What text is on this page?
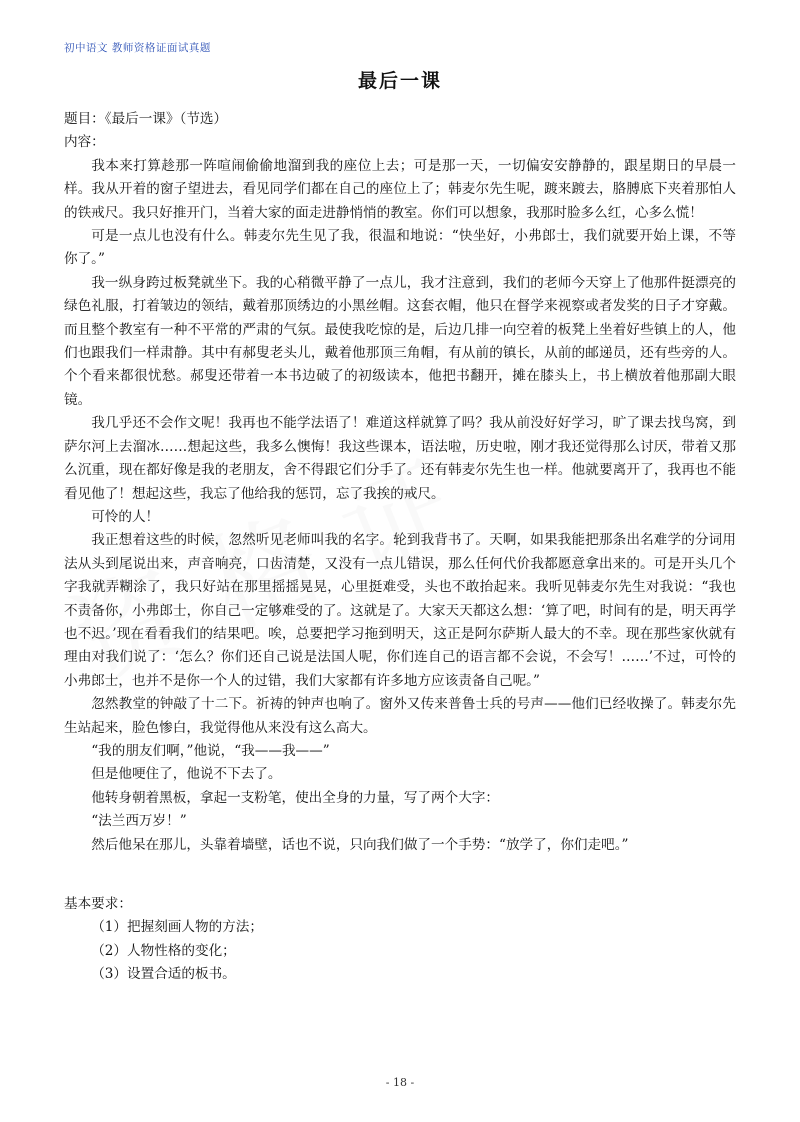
初中语文 教师资格证面试真题
最后一课

题目：《最后一课》（节选）

内容：

我本来打算趁那一阵喧闹偷偷地溜到我的座位上去；可是那一天，一切偏安安静静的，跟星期日的早晨一样。我从开着的窗子望进去，看见同学们都在自己的座位上了；韩麦尔先生呢，踱来踱去，胳膊底下夹着那怕人的铁戒尺。我只好推开门，当着大家的面走进静悄悄的教室。你们可以想象，我那时脸多么红，心多么慌！

可是一点儿也没有什么。韩麦尔先生见了我，很温和地说：“快坐好，小弗郎士，我们就要开始上课，不等你了。”

我一纵身跨过板凳就坐下。我的心稍微平静了一点儿，我才注意到，我们的老师今天穿上了他那件挺漂亮的绿色礼服，打着皱边的领结，戴着那顶绣边的小黑丝帽。这套衣帽，他只在督学来视察或者发奖的日子才穿戴。而且整个教室有一种不平常的严肃的气氛。最使我吃惊的是，后边几排一向空着的板凳上坐着好些镇上的人，他们也跟我们一样肃静。其中有郝叟老头儿，戴着他那顶三角帽，有从前的镇长，从前的邮递员，还有些旁的人。个个看来都很忧愁。郝叟还带着一本书边破了的初级读本，他把书翻开，摊在膝头上，书上横放着他那副大眼镜。

我几乎还不会作文呢！我再也不能学法语了！难道这样就算了吗？我从前没好好学习，旷了课去找鸟窝，到萨尔河上去溜冰……想起这些，我多么懊悔！我这些课本，语法啦，历史啦，刚才我还觉得那么讨厌，带着又那么沉重，现在都好像是我的老朋友，舍不得跟它们分手了。还有韩麦尔先生也一样。他就要离开了，我再也不能看见他了！想起这些，我忘了他给我的惩罚，忘了我挨的戒尺。

可怜的人！

我正想着这些的时候，忽然听见老师叫我的名字。轮到我背书了。天啊，如果我能把那条出名难学的分词用法从头到尾说出来，声音响亮，口齿清楚，又没有一点儿错误，那么任何代价我都愿意拿出来的。可是开头几个字我就弄糊涂了，我只好站在那里摇摇晃晃，心里挺难受，头也不敢抬起来。我听见韩麦尔先生对我说：“我也不责备你，小弗郎士，你自己一定够难受的了。这就是了。大家天天都这么想：‘算了吧，时间有的是，明天再学也不迟。’现在看看我们的结果吧。唉，总要把学习拖到明天，这正是阿尔萨斯人最大的不幸。现在那些家伙就有理由对我们说了：‘怎么？你们还自己说是法国人呢，你们连自己的语言都不会说，不会写！……’不过，可怜的小弗郎士，也并不是你一个人的过错，我们大家都有许多地方应该责备自己呢。”

忽然教堂的钟敲了十二下。祈祷的钟声也响了。窗外又传来普鲁士兵的号声——他们已经收操了。韩麦尔先生站起来，脸色惨白，我觉得他从来没有这么高大。

“我的朋友们啊，”他说，“我——我——”

但是他哽住了，他说不下去了。

他转身朝着黑板，拿起一支粉笔，使出全身的力量，写了两个大字：

“法兰西万岁！”

然后他呆在那儿，头靠着墙壁，话也不说，只向我们做了一个手势：“放学了，你们走吧。”

基本要求：

（1）把握刻画人物的方法；

（2）人物性格的变化；

（3）设置合适的板书。

- 18 -
